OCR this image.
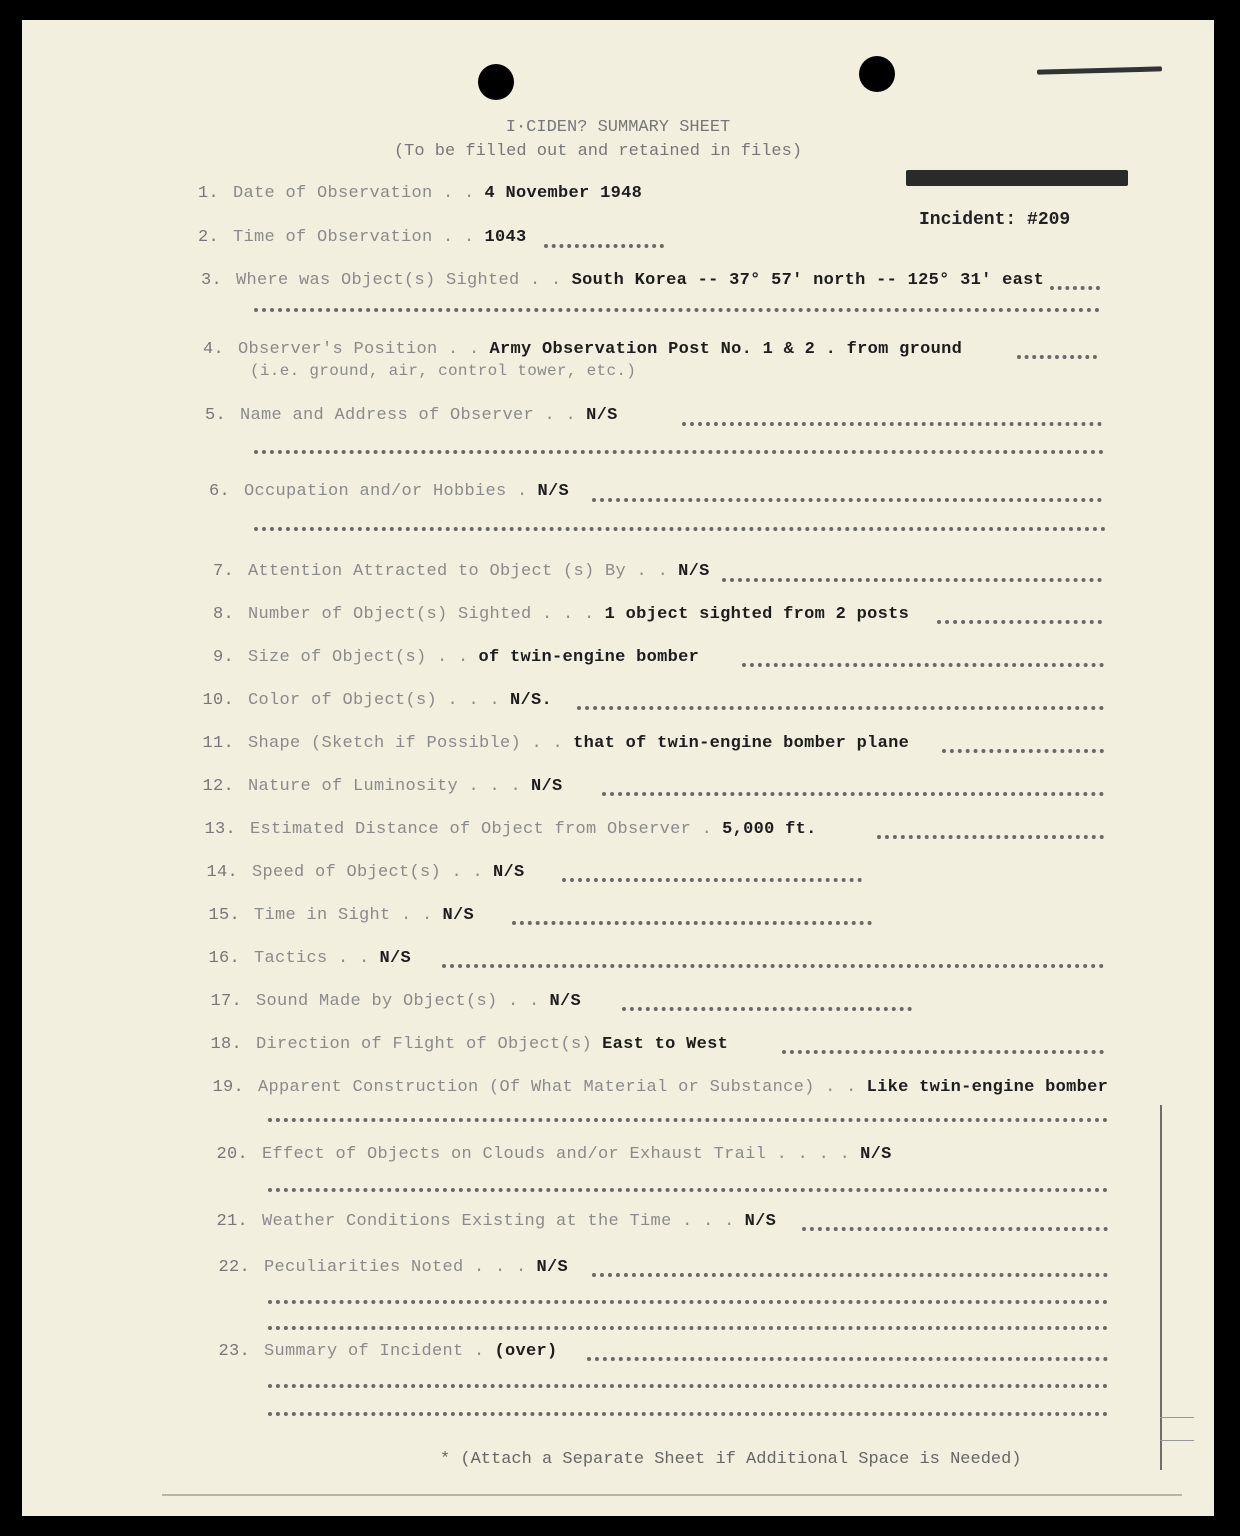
I·CIDEN? SUMMARY SHEET
(To be filled out and retained in files)
Incident: #209
1. Date of Observation . . 4 November 1948
2. Time of Observation . . 1043
3. Where was Object(s) Sighted . . South Korea -- 37° 57' north -- 125° 31' east
4. Observer's Position . . Army Observation Post No. 1 & 2 . from ground
(i.e. ground, air, control tower, etc.)
5. Name and Address of Observer . . N/S
6. Occupation and/or Hobbies . N/S
7. Attention Attracted to Object (s) By . . N/S
8. Number of Object(s) Sighted . . . 1 object sighted from 2 posts
9. Size of Object(s) . . of twin-engine bomber
10. Color of Object(s) . . . N/S.
11. Shape (Sketch if Possible) . . that of twin-engine bomber plane
12. Nature of Luminosity . . . N/S
13. Estimated Distance of Object from Observer . 5,000 ft.
14. Speed of Object(s) . . N/S
15. Time in Sight . . N/S
16. Tactics . . N/S
17. Sound Made by Object(s) . . N/S
18. Direction of Flight of Object(s) East to West
19. Apparent Construction (Of What Material or Substance) . . Like twin-engine bomber
20. Effect of Objects on Clouds and/or Exhaust Trail . . . . N/S
21. Weather Conditions Existing at the Time . . . N/S
22. Peculiarities Noted . . . N/S
23. Summary of Incident . (over)
* (Attach a Separate Sheet if Additional Space is Needed)
